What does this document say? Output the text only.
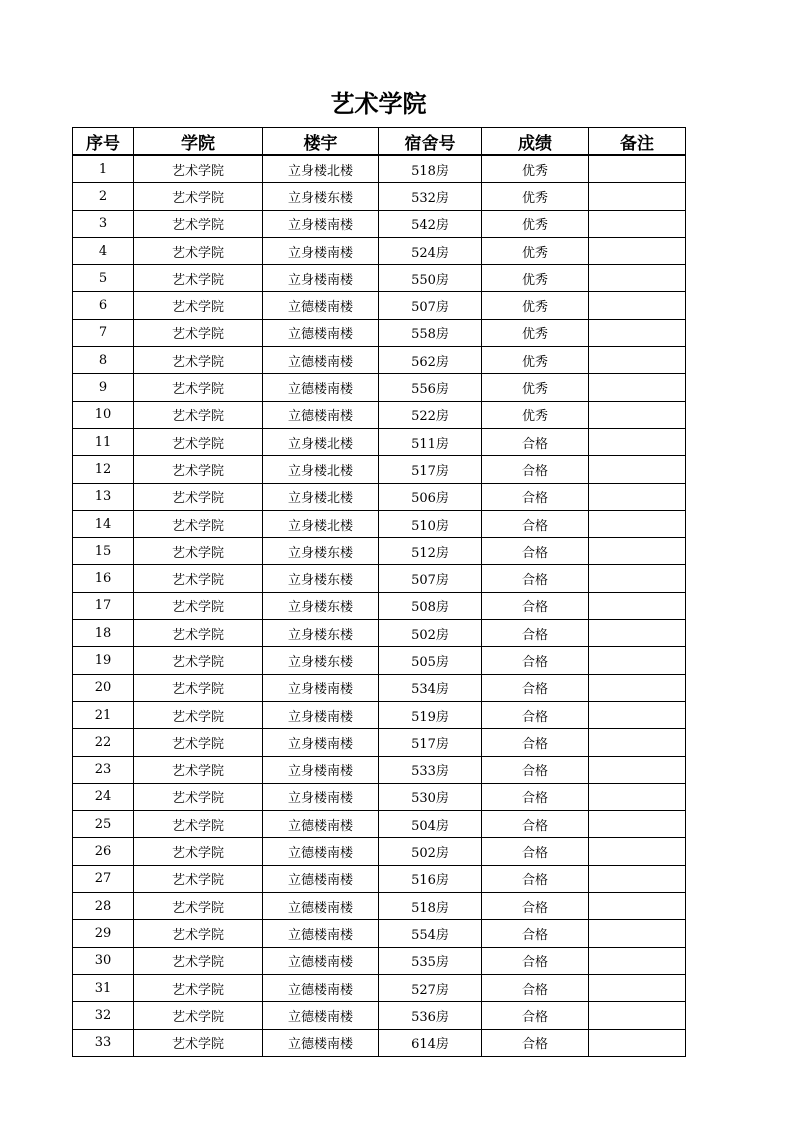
艺术学院
序号	学院	楼宇	宿舍号	成绩	备注
1	艺术学院	立身楼北楼	518房	优秀	
2	艺术学院	立身楼东楼	532房	优秀	
3	艺术学院	立身楼南楼	542房	优秀	
4	艺术学院	立身楼南楼	524房	优秀	
5	艺术学院	立身楼南楼	550房	优秀	
6	艺术学院	立德楼南楼	507房	优秀	
7	艺术学院	立德楼南楼	558房	优秀	
8	艺术学院	立德楼南楼	562房	优秀	
9	艺术学院	立德楼南楼	556房	优秀	
10	艺术学院	立德楼南楼	522房	优秀	
11	艺术学院	立身楼北楼	511房	合格	
12	艺术学院	立身楼北楼	517房	合格	
13	艺术学院	立身楼北楼	506房	合格	
14	艺术学院	立身楼北楼	510房	合格	
15	艺术学院	立身楼东楼	512房	合格	
16	艺术学院	立身楼东楼	507房	合格	
17	艺术学院	立身楼东楼	508房	合格	
18	艺术学院	立身楼东楼	502房	合格	
19	艺术学院	立身楼东楼	505房	合格	
20	艺术学院	立身楼南楼	534房	合格	
21	艺术学院	立身楼南楼	519房	合格	
22	艺术学院	立身楼南楼	517房	合格	
23	艺术学院	立身楼南楼	533房	合格	
24	艺术学院	立身楼南楼	530房	合格	
25	艺术学院	立德楼南楼	504房	合格	
26	艺术学院	立德楼南楼	502房	合格	
27	艺术学院	立德楼南楼	516房	合格	
28	艺术学院	立德楼南楼	518房	合格	
29	艺术学院	立德楼南楼	554房	合格	
30	艺术学院	立德楼南楼	535房	合格	
31	艺术学院	立德楼南楼	527房	合格	
32	艺术学院	立德楼南楼	536房	合格	
33	艺术学院	立德楼南楼	614房	合格	
